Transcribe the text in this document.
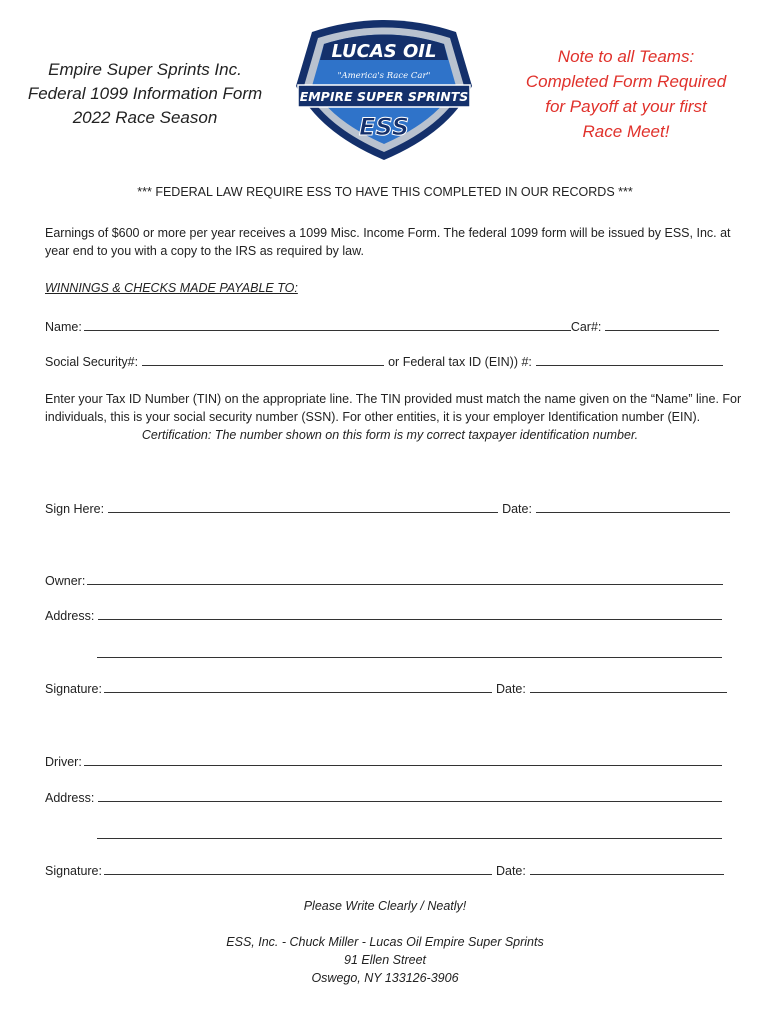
Empire Super Sprints Inc.
Federal 1099 Information Form
2022 Race Season
LUCAS OIL
"America's Race Car"
EMPIRE SUPER SPRINTS
ESS
Note to all Teams:
Completed Form Required
for Payoff at your first
Race Meet!
*** FEDERAL LAW REQUIRE ESS TO HAVE THIS COMPLETED IN OUR RECORDS ***
Earnings of $600 or more per year receives a 1099 Misc. Income Form. The federal 1099 form will be issued by ESS, Inc. at
year end to you with a copy to the IRS as required by law.
WINNINGS & CHECKS MADE PAYABLE TO:
Name:	Car#:
Social Security#:	or Federal tax ID (EIN)) #:
Enter your Tax ID Number (TIN) on the appropriate line. The TIN provided must match the name given on the “Name” line. For
individuals, this is your social security number (SSN). For other entities, it is your employer Identification number (EIN).
Certification: The number shown on this form is my correct taxpayer identification number.
Sign Here:	Date:
Owner:
Address:
Signature:	Date:
Driver:
Address:
Signature:	Date:
Please Write Clearly / Neatly!
ESS, Inc. - Chuck Miller - Lucas Oil Empire Super Sprints
91 Ellen Street
Oswego, NY 133126-3906
